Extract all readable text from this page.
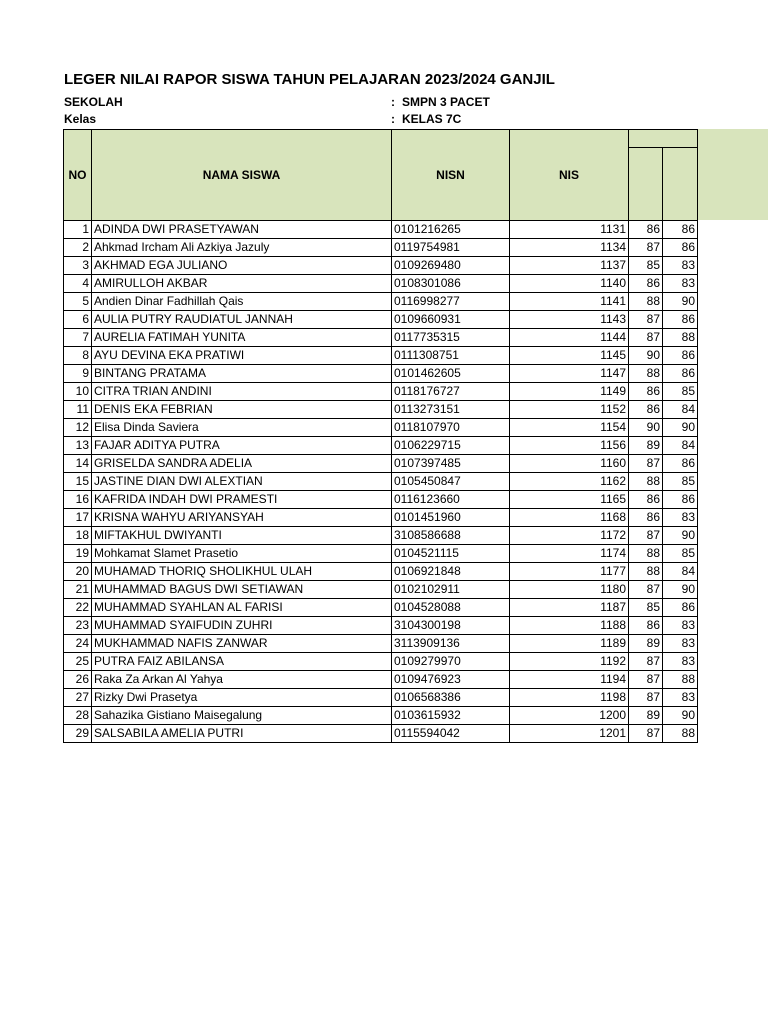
LEGER NILAI RAPOR SISWA TAHUN PELAJARAN 2023/2024 GANJIL
SEKOLAH	: SMPN 3 PACET
Kelas	: KELAS 7C
NO	NAMA SISWA	NISN	NIS		

1	ADINDA DWI PRASETYAWAN	0101216265	1131	86	86
2	Ahkmad Ircham Ali Azkiya Jazuly	0119754981	1134	87	86
3	AKHMAD EGA JULIANO	0109269480	1137	85	83
4	AMIRULLOH AKBAR	0108301086	1140	86	83
5	Andien Dinar Fadhillah Qais	0116998277	1141	88	90
6	AULIA PUTRY RAUDIATUL JANNAH	0109660931	1143	87	86
7	AURELIA FATIMAH YUNITA	0117735315	1144	87	88
8	AYU DEVINA EKA PRATIWI	0111308751	1145	90	86
9	BINTANG PRATAMA	0101462605	1147	88	86
10	CITRA TRIAN ANDINI	0118176727	1149	86	85
11	DENIS EKA FEBRIAN	0113273151	1152	86	84
12	Elisa Dinda Saviera	0118107970	1154	90	90
13	FAJAR ADITYA PUTRA	0106229715	1156	89	84
14	GRISELDA SANDRA ADELIA	0107397485	1160	87	86
15	JASTINE DIAN DWI ALEXTIAN	0105450847	1162	88	85
16	KAFRIDA INDAH DWI PRAMESTI	0116123660	1165	86	86
17	KRISNA WAHYU ARIYANSYAH	0101451960	1168	86	83
18	MIFTAKHUL DWIYANTI	3108586688	1172	87	90
19	Mohkamat Slamet Prasetio	0104521115	1174	88	85
20	MUHAMAD THORIQ SHOLIKHUL ULAH	0106921848	1177	88	84
21	MUHAMMAD BAGUS DWI SETIAWAN	0102102911	1180	87	90
22	MUHAMMAD SYAHLAN AL FARISI	0104528088	1187	85	86
23	MUHAMMAD SYAIFUDIN ZUHRI	3104300198	1188	86	83
24	MUKHAMMAD NAFIS ZANWAR	3113909136	1189	89	83
25	PUTRA FAIZ ABILANSA	0109279970	1192	87	83
26	Raka Za Arkan Al Yahya	0109476923	1194	87	88
27	Rizky Dwi Prasetya	0106568386	1198	87	83
28	Sahazika Gistiano Maisegalung	0103615932	1200	89	90
29	SALSABILA AMELIA PUTRI	0115594042	1201	87	88
